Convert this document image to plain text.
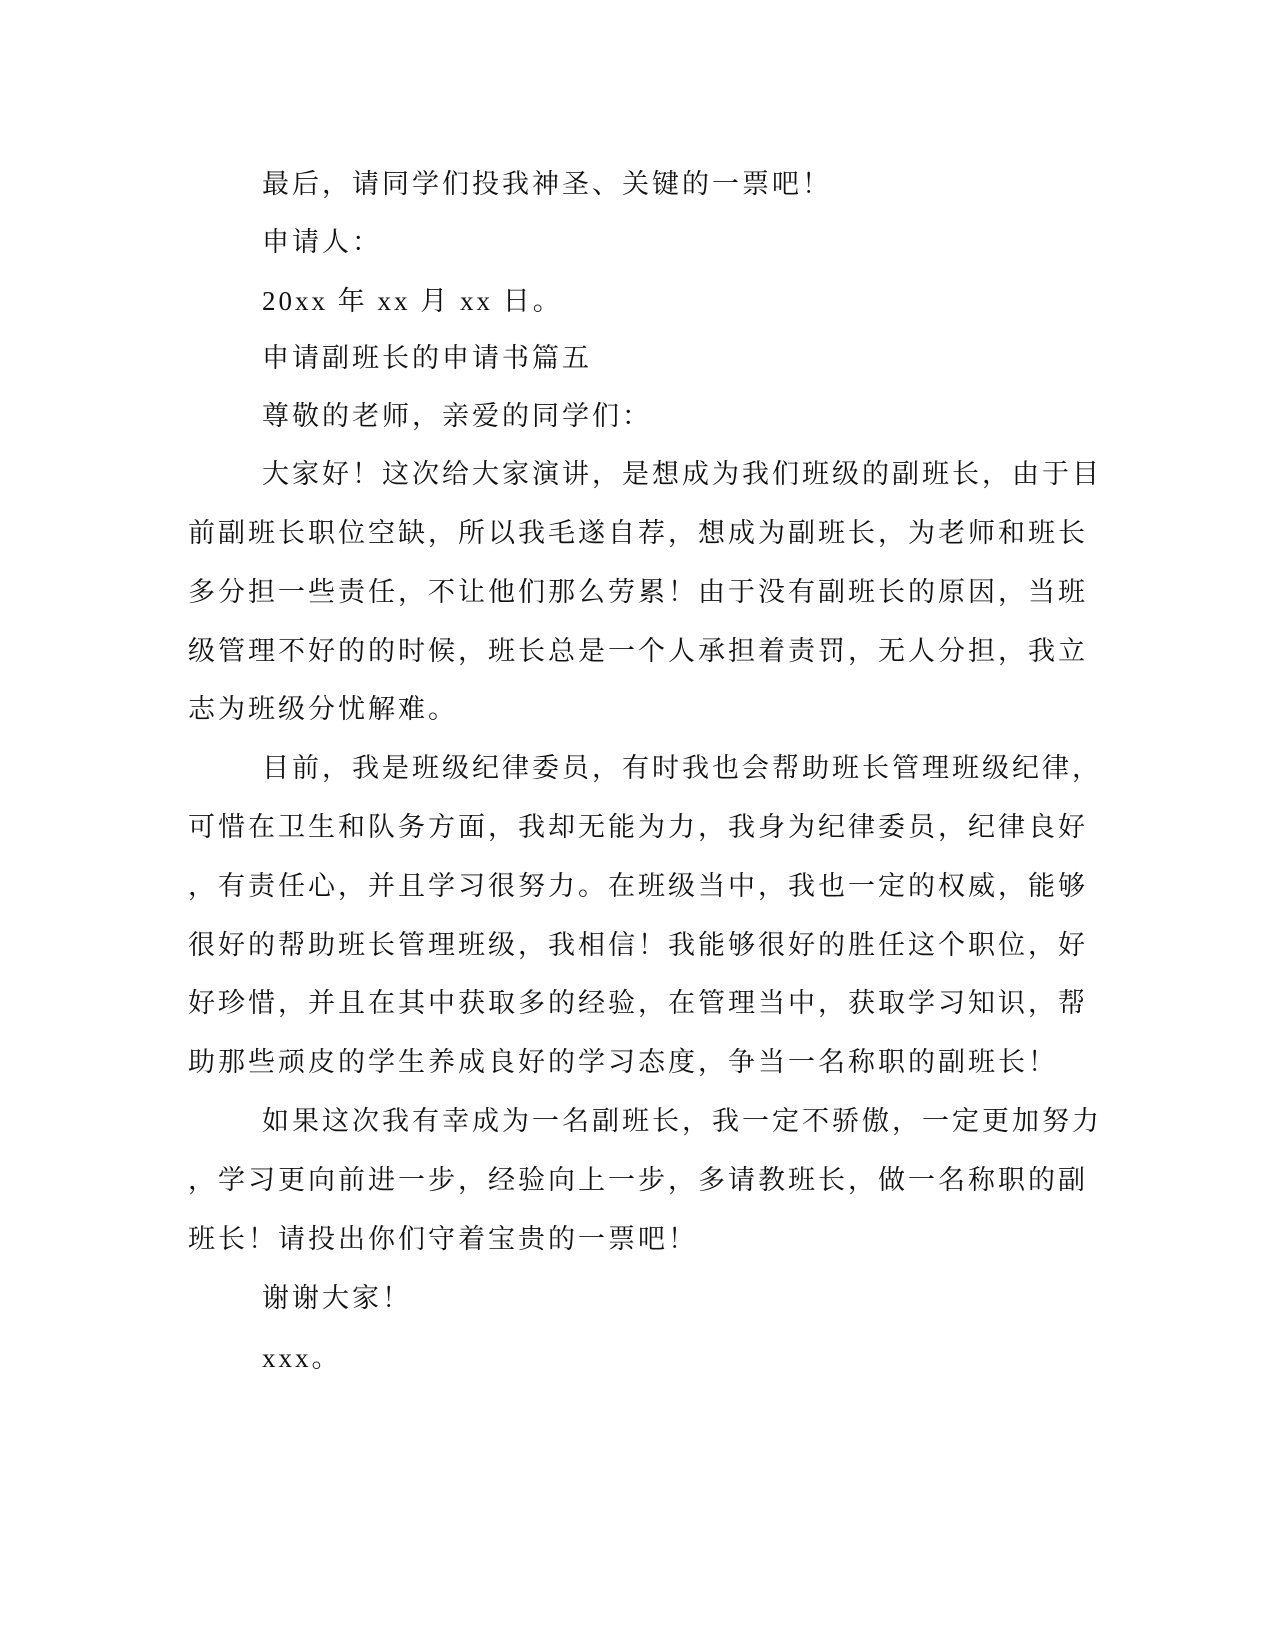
最后，请同学们投我神圣、关键的一票吧！
申请人：
20xx 年 xx 月 xx 日。
申请副班长的申请书篇五
尊敬的老师，亲爱的同学们：
大家好！这次给大家演讲，是想成为我们班级的副班长，由于目
前副班长职位空缺，所以我毛遂自荐，想成为副班长，为老师和班长
多分担一些责任，不让他们那么劳累！由于没有副班长的原因，当班
级管理不好的的时候，班长总是一个人承担着责罚，无人分担，我立
志为班级分忧解难。
目前，我是班级纪律委员，有时我也会帮助班长管理班级纪律，
可惜在卫生和队务方面，我却无能为力，我身为纪律委员，纪律良好
，有责任心，并且学习很努力。在班级当中，我也一定的权威，能够
很好的帮助班长管理班级，我相信！我能够很好的胜任这个职位，好
好珍惜，并且在其中获取多的经验，在管理当中，获取学习知识，帮
助那些顽皮的学生养成良好的学习态度，争当一名称职的副班长！
如果这次我有幸成为一名副班长，我一定不骄傲，一定更加努力
，学习更向前进一步，经验向上一步，多请教班长，做一名称职的副
班长！请投出你们守着宝贵的一票吧！
谢谢大家！
xxx。
